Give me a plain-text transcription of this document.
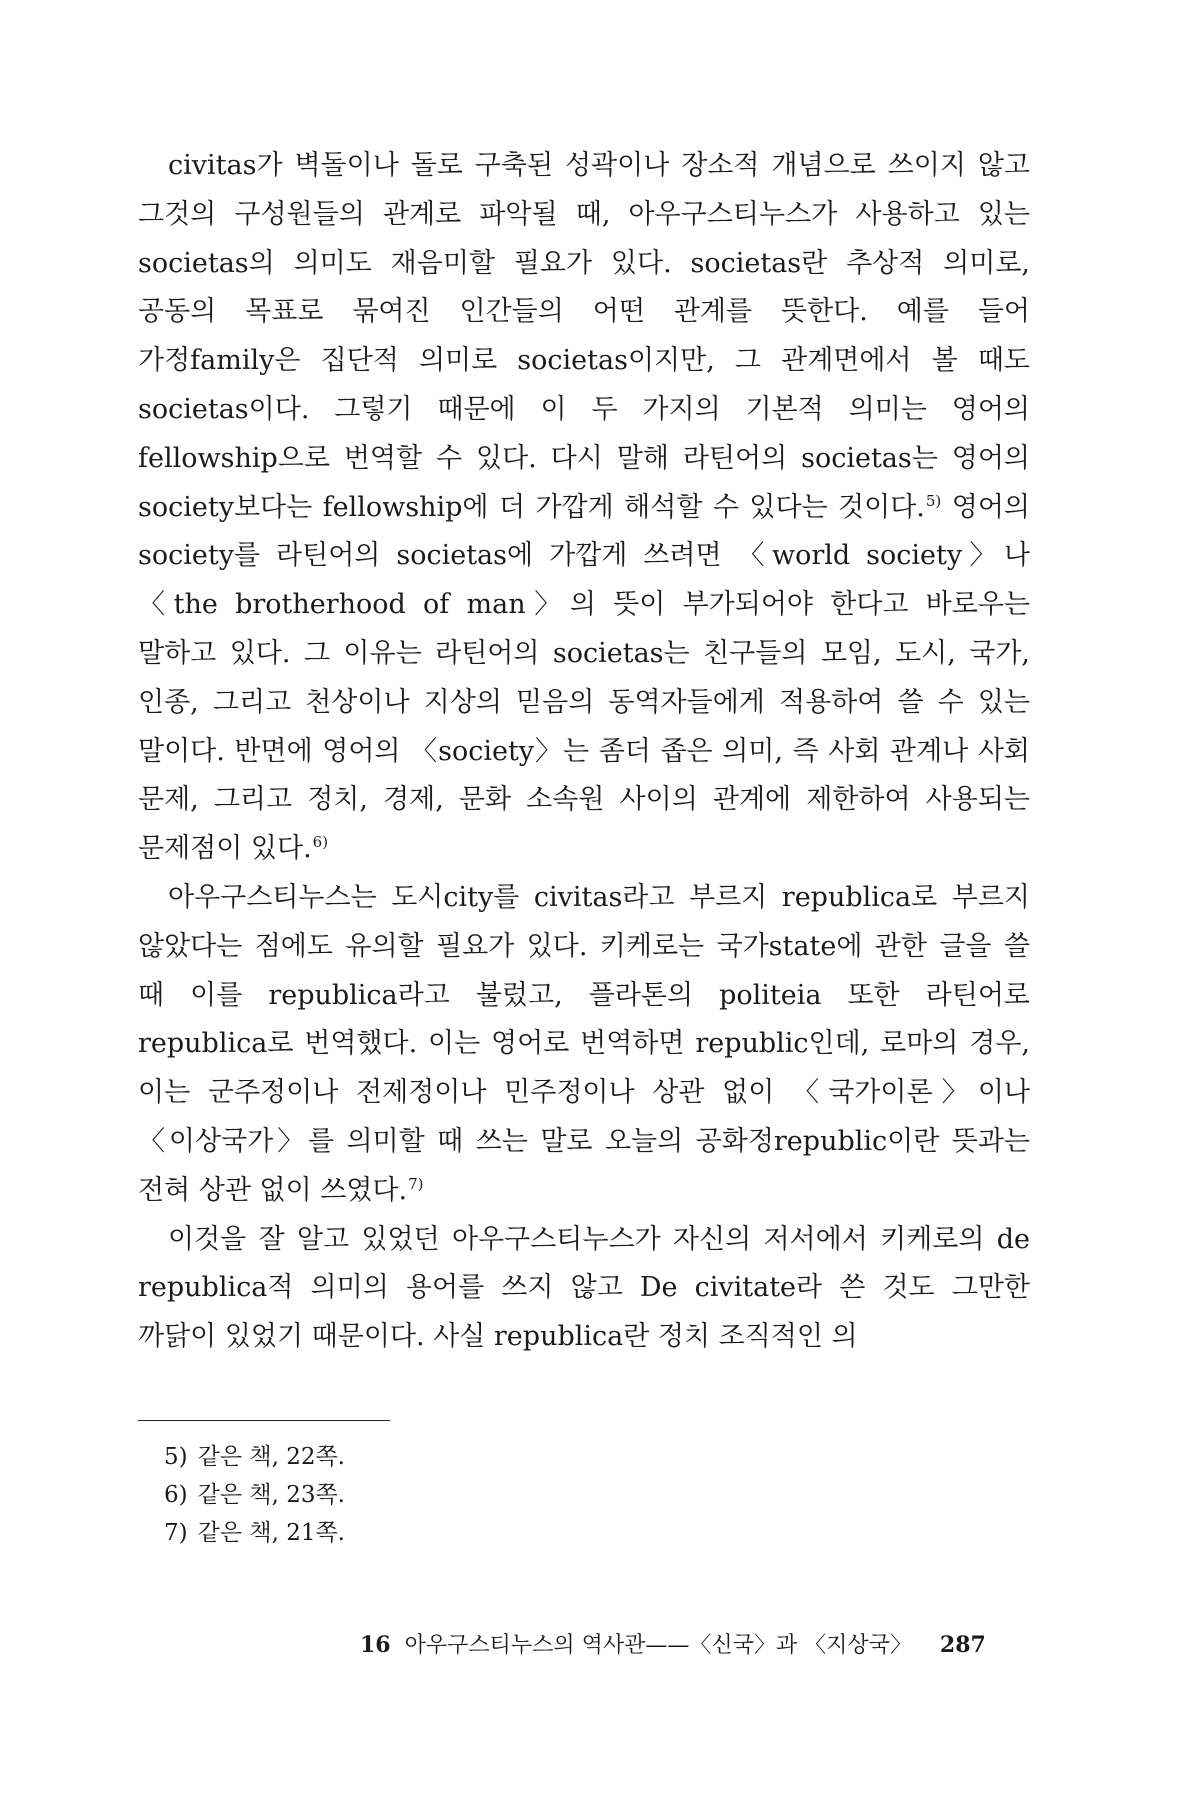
civitas가 벽돌이나 돌로 구축된 성곽이나 장소적 개념으로 쓰이지 않고 그것의 구성원들의 관계로 파악될 때, 아우구스티누스가 사용하고 있는 societas의 의미도 재음미할 필요가 있다. societas란 추상적 의미로, 공동의 목표로 묶여진 인간들의 어떤 관계를 뜻한다. 예를 들어 가정family은 집단적 의미로 societas이지만, 그 관계면에서 볼 때도 societas이다. 그렇기 때문에 이 두 가지의 기본적 의미는 영어의 fellowship으로 번역할 수 있다. 다시 말해 라틴어의 societas는 영어의 society보다는 fellowship에 더 가깝게 해석할 수 있다는 것이다.$^{5)}$ 영어의 society를 라틴어의 societas에 가깝게 쓰려면 〈world society〉나 〈the brotherhood of man〉의 뜻이 부가되어야 한다고 바로우는 말하고 있다. 그 이유는 라틴어의 societas는 친구들의 모임, 도시, 국가, 인종, 그리고 천상이나 지상의 믿음의 동역자들에게 적용하여 쓸 수 있는 말이다. 반면에 영어의 〈society〉는 좀더 좁은 의미, 즉 사회 관계나 사회 문제, 그리고 정치, 경제, 문화 소속원 사이의 관계에 제한하여 사용되는 문제점이 있다.$^{6)}$

아우구스티누스는 도시city를 civitas라고 부르지 republica로 부르지 않았다는 점에도 유의할 필요가 있다. 키케로는 국가state에 관한 글을 쓸 때 이를 republica라고 불렀고, 플라톤의 politeia 또한 라틴어로 republica로 번역했다. 이는 영어로 번역하면 republic인데, 로마의 경우, 이는 군주정이나 전제정이나 민주정이나 상관 없이 〈국가이론〉이나 〈이상국가〉를 의미할 때 쓰는 말로 오늘의 공화정republic이란 뜻과는 전혀 상관 없이 쓰였다.$^{7)}$

이것을 잘 알고 있었던 아우구스티누스가 자신의 저서에서 키케로의 de republica적 의미의 용어를 쓰지 않고 De civitate라 쓴 것도 그만한 까닭이 있었기 때문이다. 사실 republica란 정치 조직적인 의

5) 같은 책, 22쪽.
6) 같은 책, 23쪽.
7) 같은 책, 21쪽.
16 아우구스티누스의 역사관——〈신국〉과 〈지상국〉 287
